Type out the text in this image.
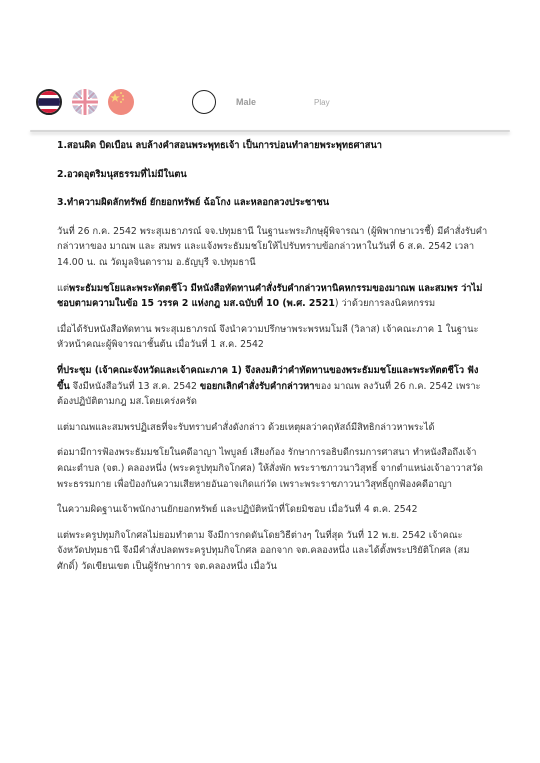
Male	Play

1.สอนผิด บิดเบือน ลบล้างคำสอนพระพุทธเจ้า เป็นการบ่อนทำลายพระพุทธศาสนา

2.อวดอุตริมนุสธรรมที่ไม่มีในตน

3.ทำความผิดลักทรัพย์ ยักยอกทรัพย์ ฉ้อโกง และหลอกลวงประชาชน

วันที่ 26 ก.ค. 2542 พระสุเมธาภรณ์ จจ.ปทุมธานี ในฐานะพระภิกษุผู้พิจารณา (ผู้พิพากษาเวรชี้) มีคำสั่งรับคำกล่าวหาของ มาณพ และ สมพร และแจ้งพระธัมมชโยให้ไปรับทราบข้อกล่าวหาในวันที่ 6 ส.ค. 2542 เวลา 14.00 น. ณ วัดมูลจินดาราม อ.ธัญบุรี จ.ปทุมธานี

แต่พระธัมมชโยและพระทัตตชีโว มีหนังสือทัดทานคำสั่งรับคำกล่าวหานิคหกรรมของมาณพ และสมพร ว่าไม่ชอบตามความในข้อ 15 วรรค 2 แห่งกฎ มส.ฉบับที่ 10 (พ.ศ. 2521) ว่าด้วยการลงนิคหกรรม

เมื่อได้รับหนังสือทัดทาน พระสุเมธาภรณ์ จึงนำความปรึกษาพระพรหมโมลี (วิลาส) เจ้าคณะภาค 1 ในฐานะหัวหน้าคณะผู้พิจารณาชั้นต้น เมื่อวันที่ 1 ส.ค. 2542

ที่ประชุม (เจ้าคณะจังหวัดและเจ้าคณะภาค 1) จึงลงมติว่าคำทัดทานของพระธัมมชโยและพระทัตตชีโว ฟังขึ้น จึงมีหนังสือวันที่ 13 ส.ค. 2542 ขอยกเลิกคำสั่งรับคำกล่าวหาของ มาณพ ลงวันที่ 26 ก.ค. 2542 เพราะต้องปฏิบัติตามกฎ มส.โดยเคร่งครัด

แต่มาณพและสมพรปฏิเสธที่จะรับทราบคำสั่งดังกล่าว ด้วยเหตุผลว่าคฤหัสถ์มีสิทธิกล่าวหาพระได้

ต่อมามีการฟ้องพระธัมมชโยในคดีอาญา ไพบูลย์ เสียงก้อง รักษาการอธิบดีกรมการศาสนา ทำหนังสือถึงเจ้าคณะตำบล (จต.) คลองหนึ่ง (พระครูปทุมกิจโกศล) ให้สั่งพัก พระราชภาวนาวิสุทธิ์ จากตำแหน่งเจ้าอาวาสวัดพระธรรมกาย เพื่อป้องกันความเสียหายอันอาจเกิดแก่วัด เพราะพระราชภาวนาวิสุทธิ์ถูกฟ้องคดีอาญา

ในความผิดฐานเจ้าพนักงานยักยอกทรัพย์ และปฏิบัติหน้าที่โดยมิชอบ เมื่อวันที่ 4 ต.ค. 2542

แต่พระครูปทุมกิจโกศลไม่ยอมทำตาม จึงมีการกดดันโดยวิธีต่างๆ ในที่สุด วันที่ 12 พ.ย. 2542 เจ้าคณะจังหวัดปทุมธานี จึงมีคำสั่งปลดพระครูปทุมกิจโกศล ออกจาก จต.คลองหนึ่ง และได้ตั้งพระปริยัติโกศล (สมศักดิ์) วัดเขียนเขต เป็นผู้รักษาการ จต.คลองหนึ่ง เมื่อวัน
